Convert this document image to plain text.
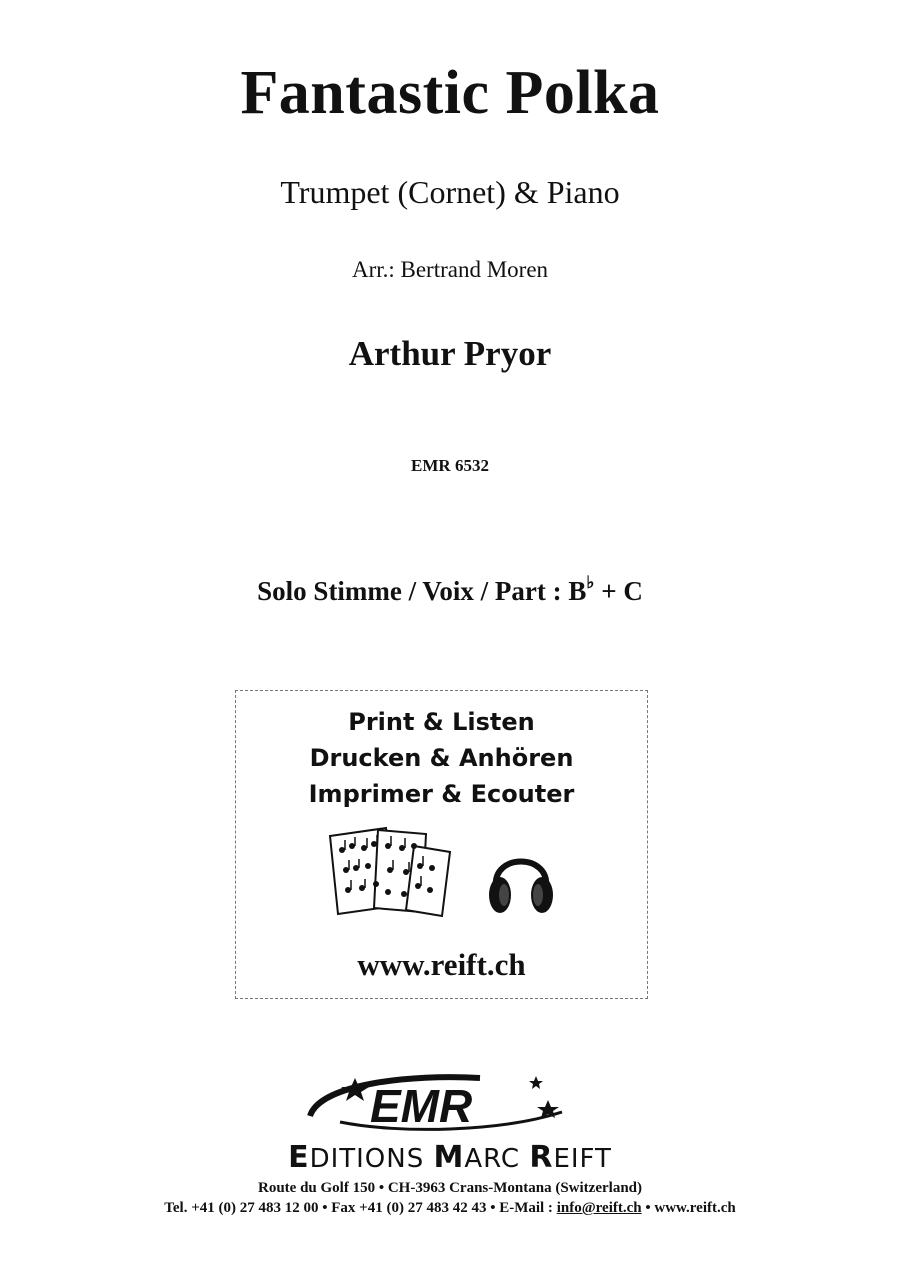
Fantastic Polka
Trumpet (Cornet) & Piano
Arr.: Bertrand Moren
Arthur Pryor
EMR 6532
Solo Stimme / Voix / Part : B♭ + C
Print & Listen
Drucken & Anhören
Imprimer & Ecouter
www.reift.ch
EMR
EDITIONS MARC REIFT
Route du Golf 150 • CH-3963 Crans-Montana (Switzerland)
Tel. +41 (0) 27 483 12 00 • Fax +41 (0) 27 483 42 43 • E-Mail : info@reift.ch • www.reift.ch
